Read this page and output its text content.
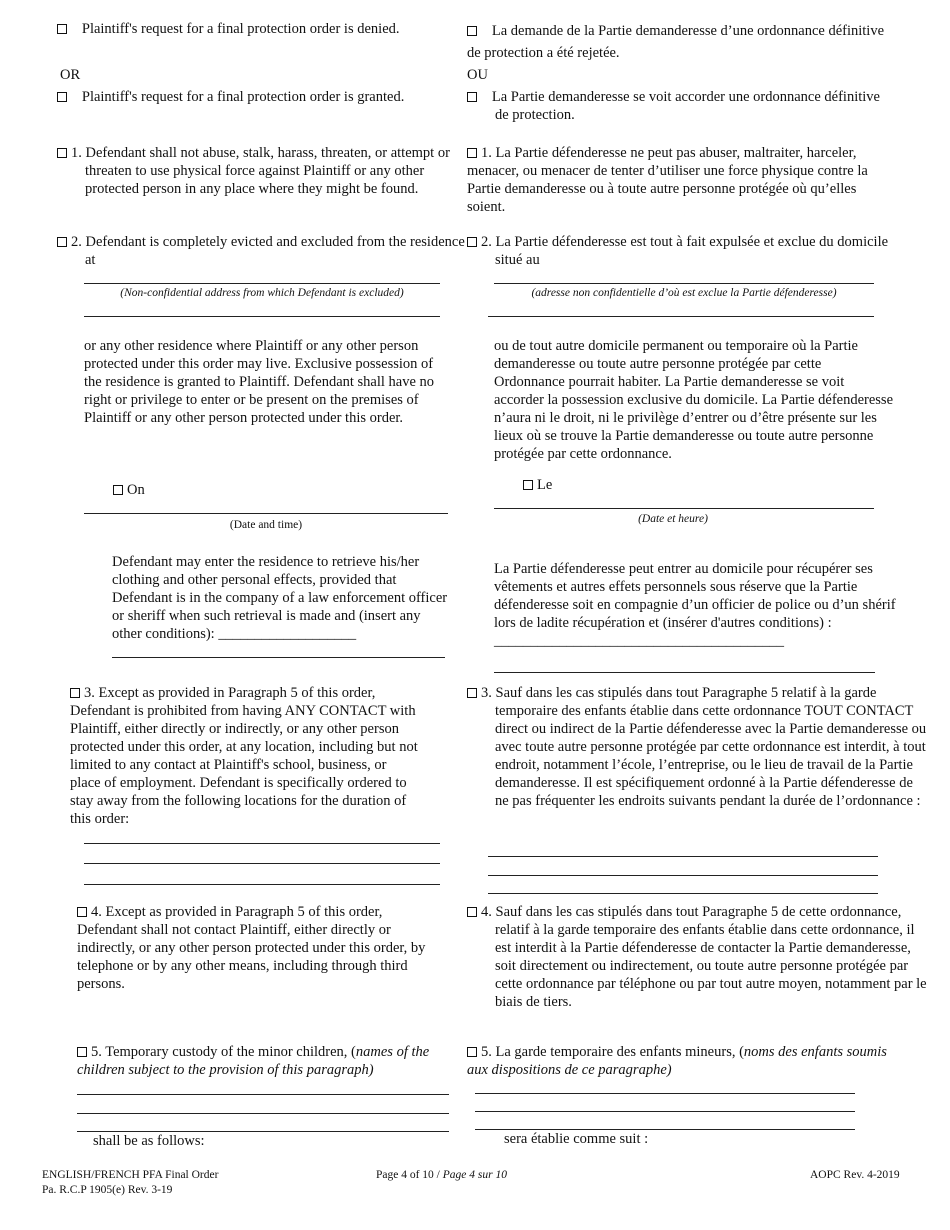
Plaintiff's request for a final protection order is denied.
OR
Plaintiff's request for a final protection order is granted.
1. Defendant shall not abuse, stalk, harass, threaten, or attempt or threaten to use physical force against Plaintiff or any other protected person in any place where they might be found.
2. Defendant is completely evicted and excluded from the residence at
(Non-confidential address from which Defendant is excluded)
or any other residence where Plaintiff or any other person protected under this order may live. Exclusive possession of the residence is granted to Plaintiff. Defendant shall have no right or privilege to enter or be present on the premises of Plaintiff or any other person protected under this order.
On
(Date and time)
Defendant may enter the residence to retrieve his/her clothing and other personal effects, provided that Defendant is in the company of a law enforcement officer or sheriff when such retrieval is made and (insert any other conditions): ___________________
3. Except as provided in Paragraph 5 of this order, Defendant is prohibited from having ANY CONTACT with Plaintiff, either directly or indirectly, or any other person protected under this order, at any location, including but not limited to any contact at Plaintiff's school, business, or place of employment. Defendant is specifically ordered to stay away from the following locations for the duration of this order:
4. Except as provided in Paragraph 5 of this order, Defendant shall not contact Plaintiff, either directly or indirectly, or any other person protected under this order, by telephone or by any other means, including through third persons.
5. Temporary custody of the minor children, (names of the children subject to the provision of this paragraph)
shall be as follows:
La demande de la Partie demanderesse d’une ordonnance définitive de protection a été rejetée.
OU
La Partie demanderesse se voit accorder une ordonnance définitive de protection.
1. La Partie défenderesse ne peut pas abuser, maltraiter, harceler, menacer, ou menacer de tenter d’utiliser une force physique contre la Partie demanderesse ou à toute autre personne protégée où qu’elles soient.
2. La Partie défenderesse est tout à fait expulsée et exclue du domicile situé au
(adresse non confidentielle d’où est exclue la Partie défenderesse)
ou de tout autre domicile permanent ou temporaire où la Partie demanderesse ou toute autre personne protégée par cette Ordonnance pourrait habiter. La Partie demanderesse se voit accorder la possession exclusive du domicile. La Partie défenderesse n’aura ni le droit, ni le privilège d’entrer ou d’être présente sur les lieux où se trouve la Partie demanderesse ou toute autre personne protégée par cette ordonnance.
Le
(Date et heure)
La Partie défenderesse peut entrer au domicile pour récupérer ses vêtements et autres effets personnels sous réserve que la Partie défenderesse soit en compagnie d’un officier de police ou d’un shérif lors de ladite récupération et (insérer d'autres conditions) : ________________________________________
3. Sauf dans les cas stipulés dans tout Paragraphe 5 relatif à la garde temporaire des enfants établie dans cette ordonnance TOUT CONTACT direct ou indirect de la Partie défenderesse avec la Partie demanderesse ou avec toute autre personne protégée par cette ordonnance est interdit, à tout endroit, notamment l’école, l’entreprise, ou le lieu de travail de la Partie demanderesse. Il est spécifiquement ordonné à la Partie défenderesse de ne pas fréquenter les endroits suivants pendant la durée de l’ordonnance :
4. Sauf dans les cas stipulés dans tout Paragraphe 5 de cette ordonnance, relatif à la garde temporaire des enfants établie dans cette ordonnance, il est interdit à la Partie défenderesse de contacter la Partie demanderesse, soit directement ou indirectement, ou toute autre personne protégée par cette ordonnance par téléphone ou par tout autre moyen, notamment par le biais de tiers.
5. La garde temporaire des enfants mineurs, (noms des enfants soumis aux dispositions de ce paragraphe)
sera établie comme suit :
ENGLISH/FRENCH PFA Final Order
Pa. R.C.P 1905(e) Rev. 3-19
Page 4 of 10 / Page 4 sur 10	AOPC Rev. 4-2019
